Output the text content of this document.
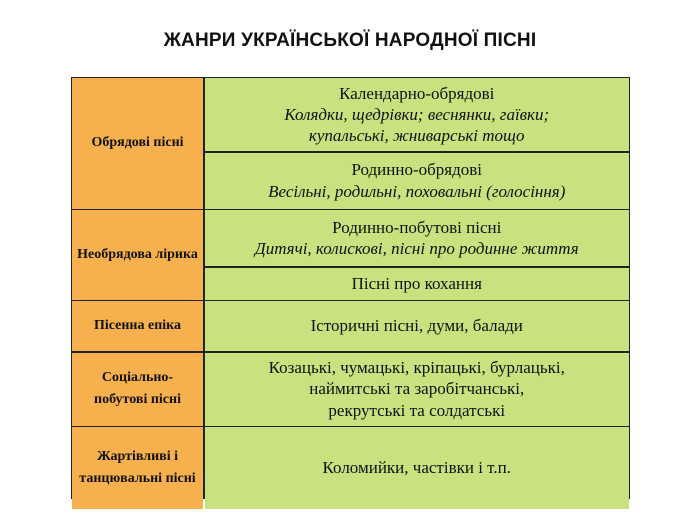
ЖАНРИ УКРАЇНСЬКОЇ НАРОДНОЇ ПІСНІ
Обрядові пісні
Календарно-обрядові
Колядки, щедрівки; веснянки, гаївки;
купальські, жниварські тощо
Родинно-обрядові
Весільні, родильні, поховальні (голосіння)
Необрядова лірика
Родинно-побутові пісні
Дитячі, колискові, пісні про родинне життя
Пісні про кохання
Пісенна епіка	Історичні пісні, думи, балади
Соціально-побутові пісні
Козацькі, чумацькі, кріпацькі, бурлацькі,
наймитські та заробітчанські,
рекрутські та солдатські
Жартівливі і танцювальні пісні
Коломийки, частівки і т.п.
